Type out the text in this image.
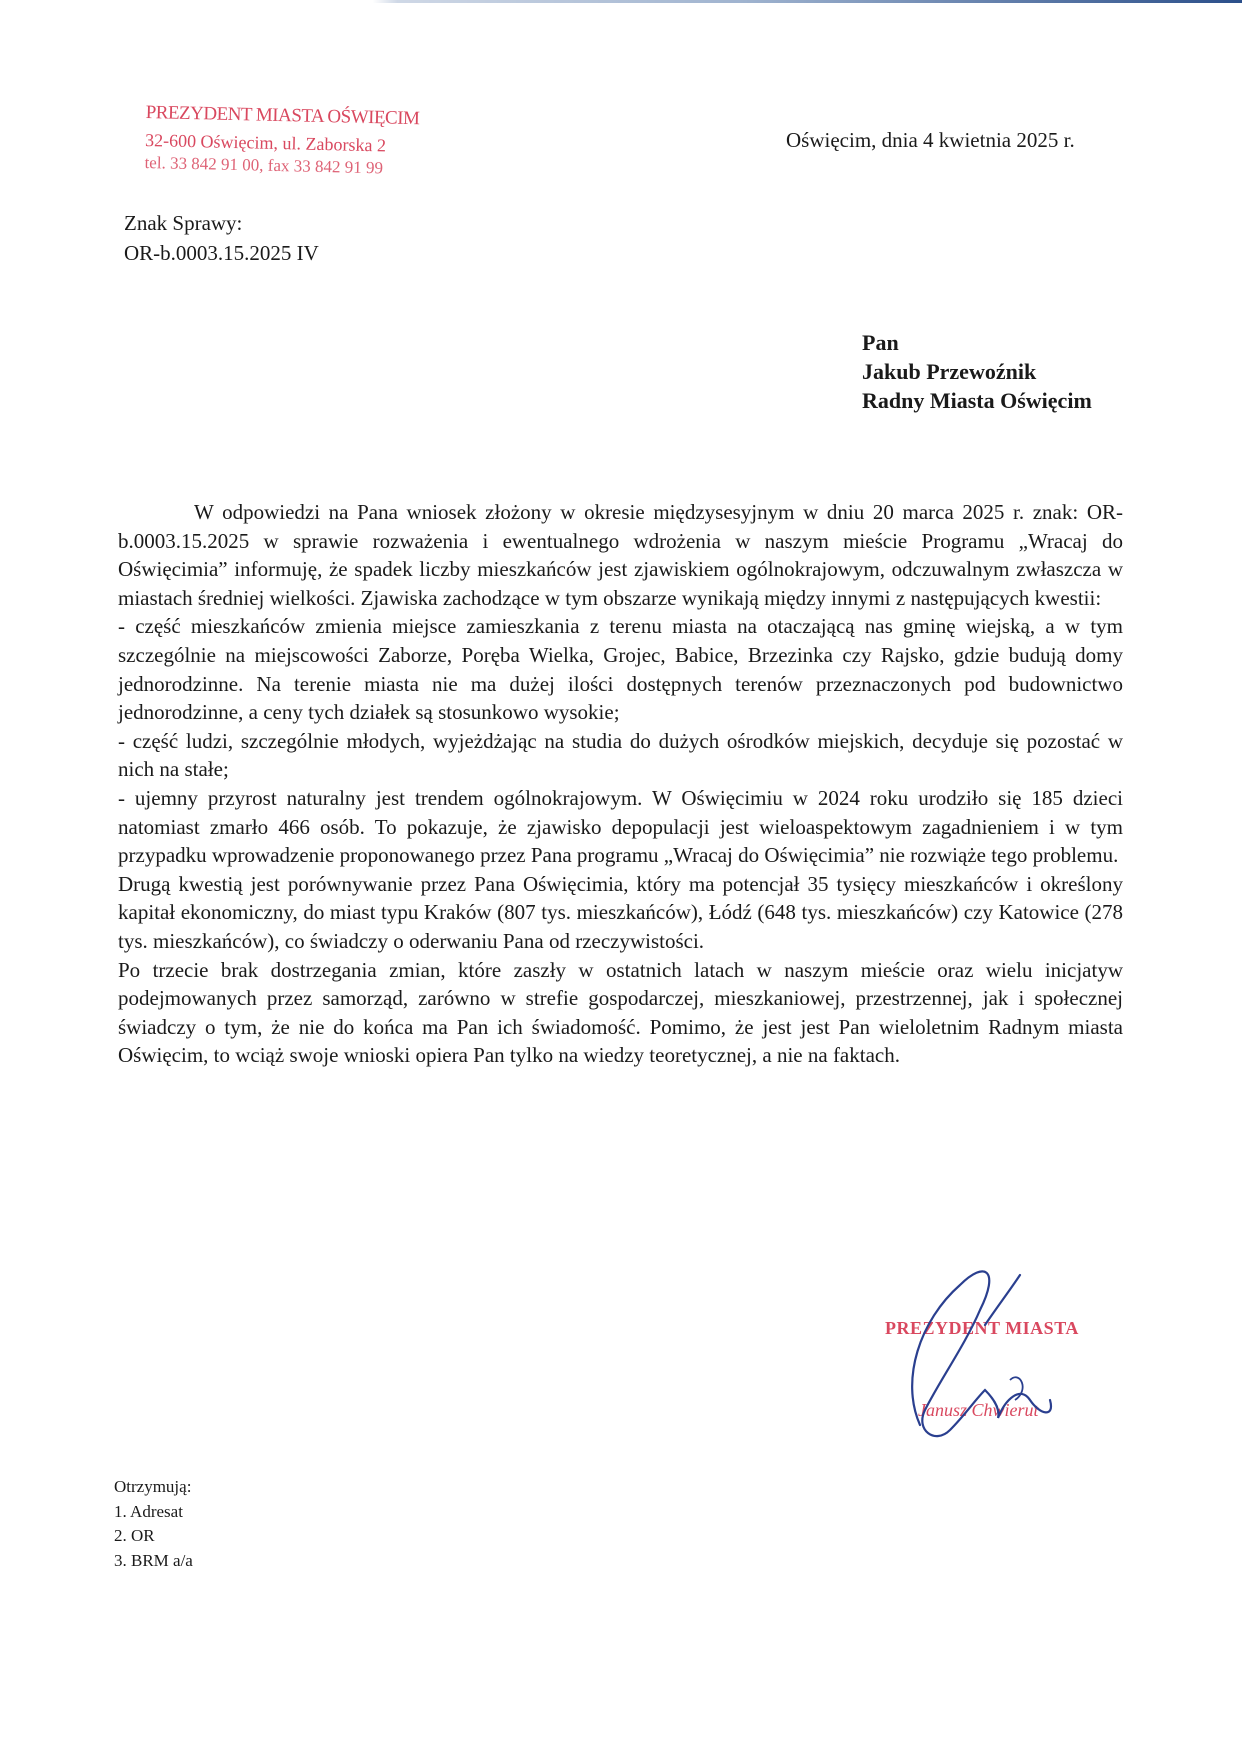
PREZYDENT MIASTA OŚWIĘCIM
32-600 Oświęcim, ul. Zaborska 2
tel. 33 842 91 00, fax 33 842 91 99
Oświęcim, dnia 4 kwietnia 2025 r.
Znak Sprawy:
OR-b.0003.15.2025 IV
Pan
Jakub Przewoźnik
Radny Miasta Oświęcim

W odpowiedzi na Pana wniosek złożony w okresie międzysesyjnym w dniu 20 marca 2025 r. znak: OR-b.0003.15.2025 w sprawie rozważenia i ewentualnego wdrożenia w naszym mieście Programu „Wracaj do Oświęcimia” informuję, że spadek liczby mieszkańców jest zjawiskiem ogólnokrajowym, odczuwalnym zwłaszcza w miastach średniej wielkości. Zjawiska zachodzące w tym obszarze wynikają między innymi z następujących kwestii:

- część mieszkańców zmienia miejsce zamieszkania z terenu miasta na otaczającą nas gminę wiejską, a w tym szczególnie na miejscowości Zaborze, Poręba Wielka, Grojec, Babice, Brzezinka czy Rajsko, gdzie budują domy jednorodzinne. Na terenie miasta nie ma dużej ilości dostępnych terenów przeznaczonych pod budownictwo jednorodzinne, a ceny tych działek są stosunkowo wysokie;

- część ludzi, szczególnie młodych, wyjeżdżając na studia do dużych ośrodków miejskich, decyduje się pozostać w nich na stałe;

- ujemny przyrost naturalny jest trendem ogólnokrajowym. W Oświęcimiu w 2024 roku urodziło się 185 dzieci natomiast zmarło 466 osób. To pokazuje, że zjawisko depopulacji jest wieloaspektowym zagadnieniem i w tym przypadku wprowadzenie proponowanego przez Pana programu „Wracaj do Oświęcimia” nie rozwiąże tego problemu.

Drugą kwestią jest porównywanie przez Pana Oświęcimia, który ma potencjał 35 tysięcy mieszkańców i określony kapitał ekonomiczny, do miast typu Kraków (807 tys. mieszkańców), Łódź (648 tys. mieszkańców) czy Katowice (278 tys. mieszkańców), co świadczy o oderwaniu Pana od rzeczywistości.

Po trzecie brak dostrzegania zmian, które zaszły w ostatnich latach w naszym mieście oraz wielu inicjatyw podejmowanych przez samorząd, zarówno w strefie gospodarczej, mieszkaniowej, przestrzennej, jak i społecznej świadczy o tym, że nie do końca ma Pan ich świadomość. Pomimo, że jest jest Pan wieloletnim Radnym miasta Oświęcim, to wciąż swoje wnioski opiera Pan tylko na wiedzy teoretycznej, a nie na faktach.

PREZYDENT MIASTA
Janusz Chwierut
Otrzymują:
1. Adresat
2. OR
3. BRM a/a
